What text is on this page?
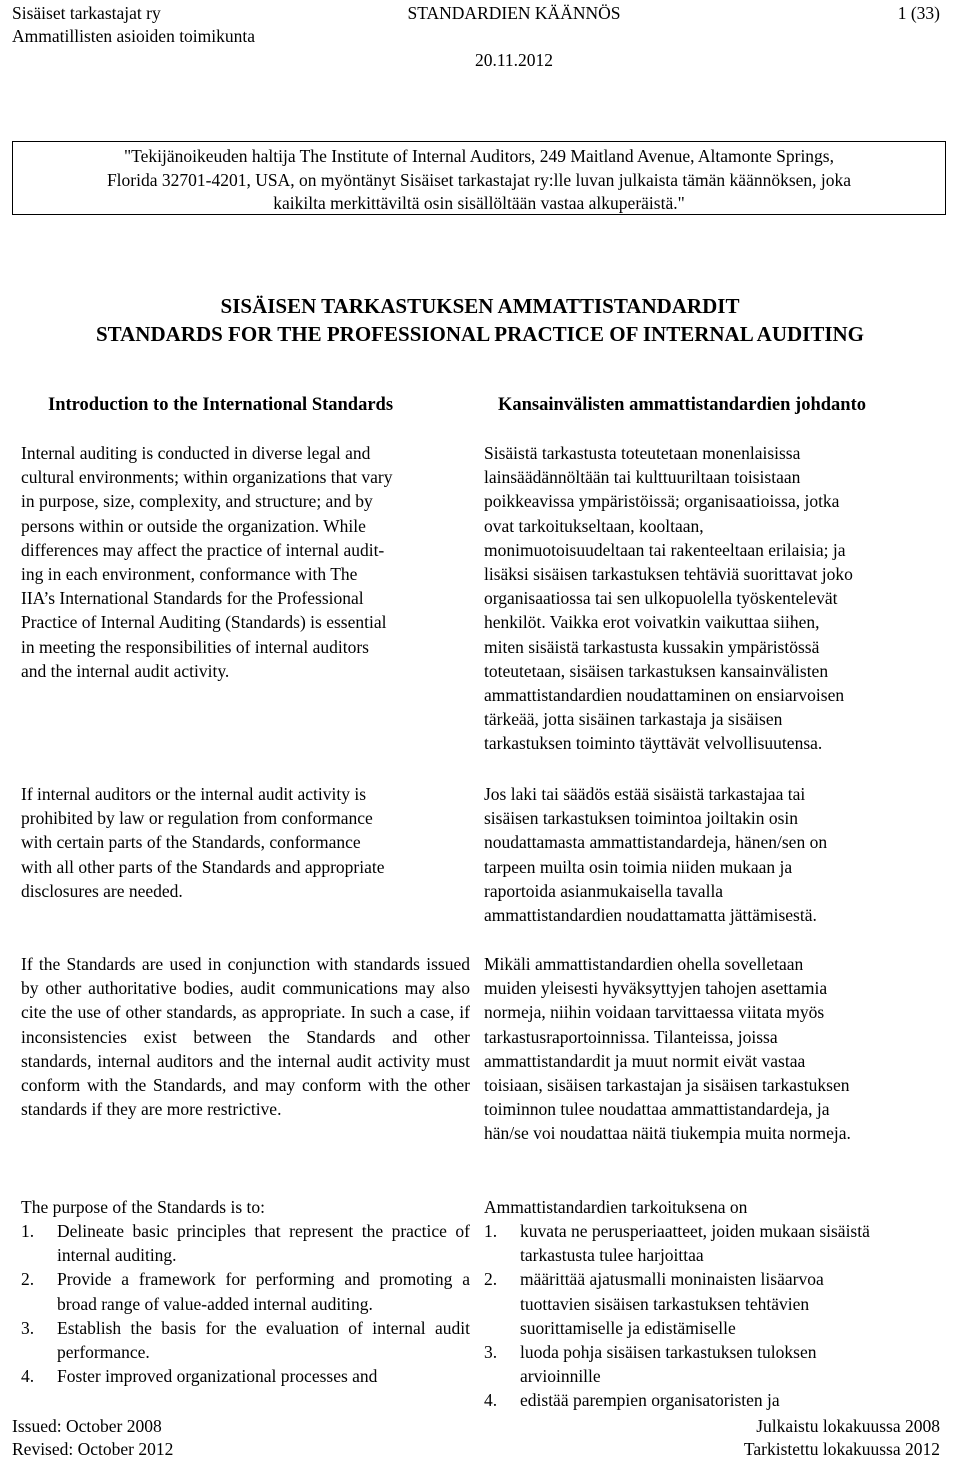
Sisäiset tarkastajat ry
Ammatillisten asioiden toimikunta
STANDARDIEN KÄÄNNÖS
20.11.2012
1 (33)
"Tekijänoikeuden haltija The Institute of Internal Auditors, 249 Maitland Avenue, Altamonte Springs,
Florida 32701-4201, USA, on myöntänyt Sisäiset tarkastajat ry:lle luvan julkaista tämän käännöksen, joka
kaikilta merkittäviltä osin sisällöltään vastaa alkuperäistä."
SISÄISEN TARKASTUKSEN AMMATTISTANDARDIT
STANDARDS FOR THE PROFESSIONAL PRACTICE OF INTERNAL AUDITING
Introduction to the International Standards	Kansainvälisten ammattistandardien johdanto
Internal auditing is conducted in diverse legal and
cultural environments; within organizations that vary
in purpose, size, complexity, and structure; and by
persons within or outside the organization. While
differences may affect the practice of internal audit-
ing in each environment, conformance with The
IIA’s International Standards for the Professional
Practice of Internal Auditing (Standards) is essential
in meeting the responsibilities of internal auditors
and the internal audit activity.
If internal auditors or the internal audit activity is
prohibited by law or regulation from conformance
with certain parts of the Standards, conformance
with all other parts of the Standards and appropriate
disclosures are needed.

If the Standards are used in conjunction with standards issued by other authoritative bodies, audit communications may also cite the use of other standards, as appropriate. In such a case, if inconsistencies exist between the Standards and other standards, internal auditors and the internal audit activity must conform with the Standards, and may conform with the other standards if they are more restrictive.

The purpose of the Standards is to:
1. Delineate basic principles that represent the practice of internal auditing.
2. Provide a framework for performing and promoting a broad range of value-added internal auditing.
3. Establish the basis for the evaluation of internal audit performance.
4. Foster improved organizational processes and
Sisäistä tarkastusta toteutetaan monenlaisissa
lainsäädännöltään tai kulttuuriltaan toisistaan
poikkeavissa ympäristöissä; organisaatioissa, jotka
ovat tarkoitukseltaan, kooltaan,
monimuotoisuudeltaan tai rakenteeltaan erilaisia; ja
lisäksi sisäisen tarkastuksen tehtäviä suorittavat joko
organisaatiossa tai sen ulkopuolella työskentelevät
henkilöt. Vaikka erot voivatkin vaikuttaa siihen,
miten sisäistä tarkastusta kussakin ympäristössä
toteutetaan, sisäisen tarkastuksen kansainvälisten
ammattistandardien noudattaminen on ensiarvoisen
tärkeää, jotta sisäinen tarkastaja ja sisäisen
tarkastuksen toiminto täyttävät velvollisuutensa.
Jos laki tai säädös estää sisäistä tarkastajaa tai
sisäisen tarkastuksen toimintoa joiltakin osin
noudattamasta ammattistandardeja, hänen/sen on
tarpeen muilta osin toimia niiden mukaan ja
raportoida asianmukaisella tavalla
ammattistandardien noudattamatta jättämisestä.
Mikäli ammattistandardien ohella sovelletaan
muiden yleisesti hyväksyttyjen tahojen asettamia
normeja, niihin voidaan tarvittaessa viitata myös
tarkastusraportoinnissa. Tilanteissa, joissa
ammattistandardit ja muut normit eivät vastaa
toisiaan, sisäisen tarkastajan ja sisäisen tarkastuksen
toiminnon tulee noudattaa ammattistandardeja, ja
hän/se voi noudattaa näitä tiukempia muita normeja.
Ammattistandardien tarkoituksena on
1. kuvata ne perusperiaatteet, joiden mukaan sisäistä tarkastusta tulee harjoittaa
2. määrittää ajatusmalli moninaisten lisäarvoa tuottavien sisäisen tarkastuksen tehtävien suorittamiselle ja edistämiselle
3. luoda pohja sisäisen tarkastuksen tuloksen arvioinnille
4. edistää parempien organisatoristen ja
Issued: October 2008
Revised: October 2012
Julkaistu lokakuussa 2008
Tarkistettu lokakuussa 2012
